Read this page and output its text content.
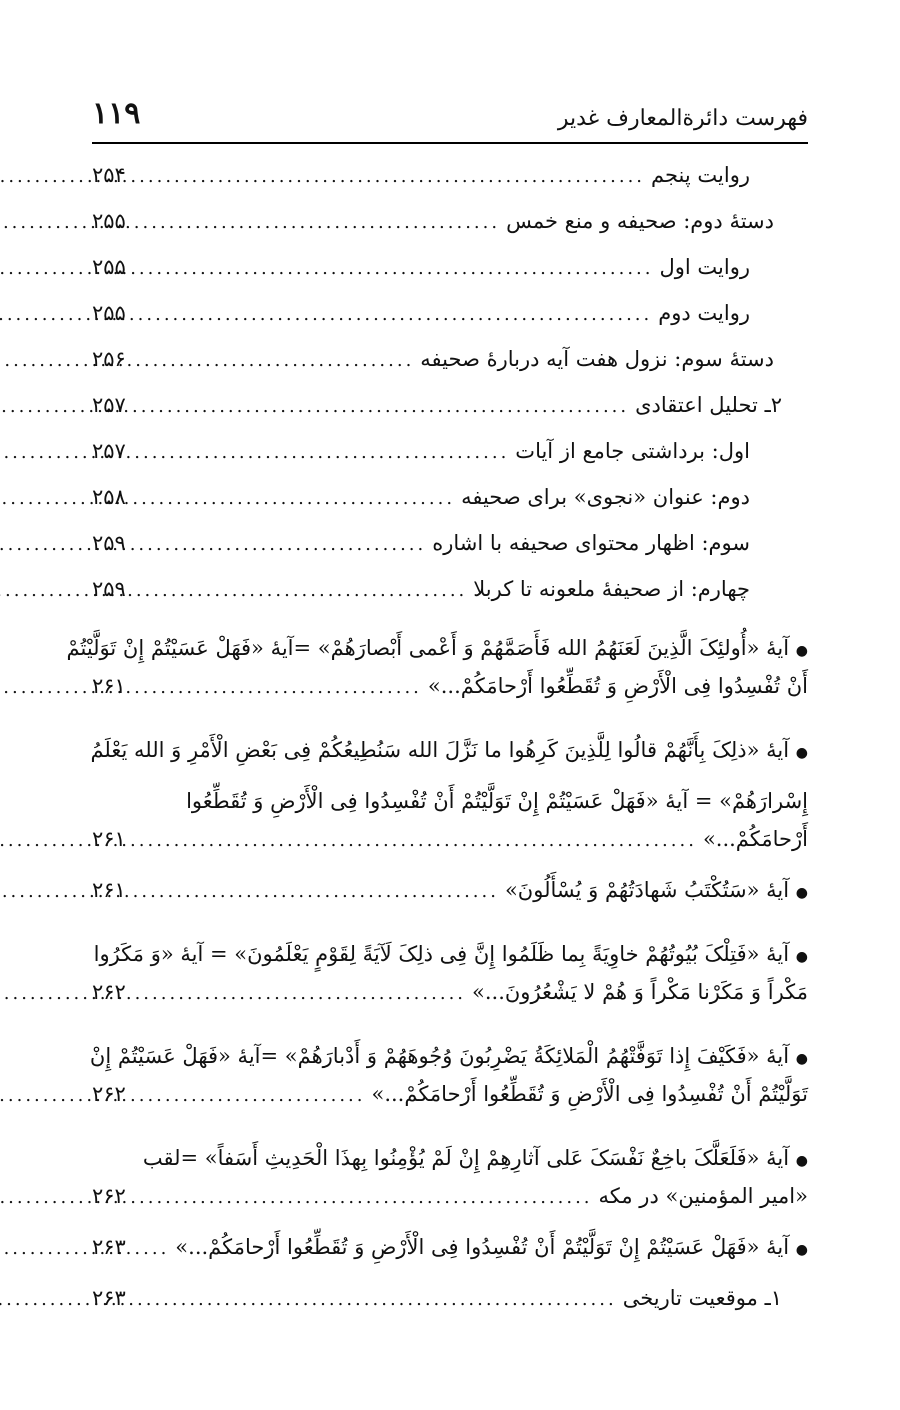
فهرست دائرةالمعارف غدیر
۱۱۹
روایت پنجم
.....
۲۵۴
دستهٔ دوم: صحیفه و منع خمس
.....
۲۵۵
روایت اول
.....
۲۵۵
روایت دوم
.....
۲۵۵
دستهٔ سوم: نزول هفت آیه دربارهٔ صحیفه
.....
۲۵۶
۲ـ تحلیل اعتقادی
.....
۲۵۷
اول: برداشتی جامع از آیات
.....
۲۵۷
دوم: عنوان «نجوی» برای صحیفه
.....
۲۵۸
سوم: اظهار محتوای صحیفه با اشاره
.....
۲۵۹
چهارم: از صحیفهٔ ملعونه تا کربلا
.....
۲۵۹
● آیهٔ «أُولئِکَ الَّذِینَ لَعَنَهُمُ الله فَأَصَمَّهُمْ وَ أَعْمى أَبْصارَهُمْ» =آیهٔ «فَهَلْ عَسَیْتُمْ إِنْ تَوَلَّیْتُمْ
أَنْ تُفْسِدُوا فِی الْأَرْضِ وَ تُقَطِّعُوا أَرْحامَکُمْ...»
.....
۲۶۱
● آیهٔ «ذلِکَ بِأَنَّهُمْ قالُوا لِلَّذِینَ کَرِهُوا ما نَزَّلَ الله سَنُطِیعُکُمْ فِی بَعْضِ الْأَمْرِ وَ الله یَعْلَمُ
إِسْرارَهُمْ» = آیهٔ «فَهَلْ عَسَیْتُمْ إِنْ تَوَلَّیْتُمْ أَنْ تُفْسِدُوا فِی الْأَرْضِ وَ تُقَطِّعُوا
أَرْحامَکُمْ...»
.....
۲۶۱
● آیهٔ «سَتُکْتَبُ شَهادَتُهُمْ وَ یُسْأَلُونَ»
.....
۲۶۱
● آیهٔ «فَتِلْکَ بُیُوتُهُمْ خاوِیَةً بِما ظَلَمُوا إِنَّ فِی ذلِکَ لَآیَةً لِقَوْمٍ یَعْلَمُونَ» = آیهٔ «وَ مَکَرُوا
مَکْراً وَ مَکَرْنا مَکْراً وَ هُمْ لا یَشْعُرُونَ...»
.....
۲۶۲
● آیهٔ «فَکَیْفَ إِذا تَوَفَّتْهُمُ الْمَلائِکَةُ یَضْرِبُونَ وُجُوهَهُمْ وَ أَدْبارَهُمْ» =آیهٔ «فَهَلْ عَسَیْتُمْ إِنْ
تَوَلَّیْتُمْ أَنْ تُفْسِدُوا فِی الْأَرْضِ وَ تُقَطِّعُوا أَرْحامَکُمْ...»
.....
۲۶۲
● آیهٔ «فَلَعَلَّکَ باخِعٌ نَفْسَکَ عَلى آثارِهِمْ إِنْ لَمْ یُؤْمِنُوا بِهذَا الْحَدِیثِ أَسَفاً» =لقب
«امیر المؤمنین» در مکه
.....
۲۶۲
● آیهٔ «فَهَلْ عَسَیْتُمْ إِنْ تَوَلَّیْتُمْ أَنْ تُفْسِدُوا فِی الْأَرْضِ وَ تُقَطِّعُوا أَرْحامَکُمْ...»
.....
۲۶۳
۱ـ موقعیت تاریخی
.....
۲۶۳
